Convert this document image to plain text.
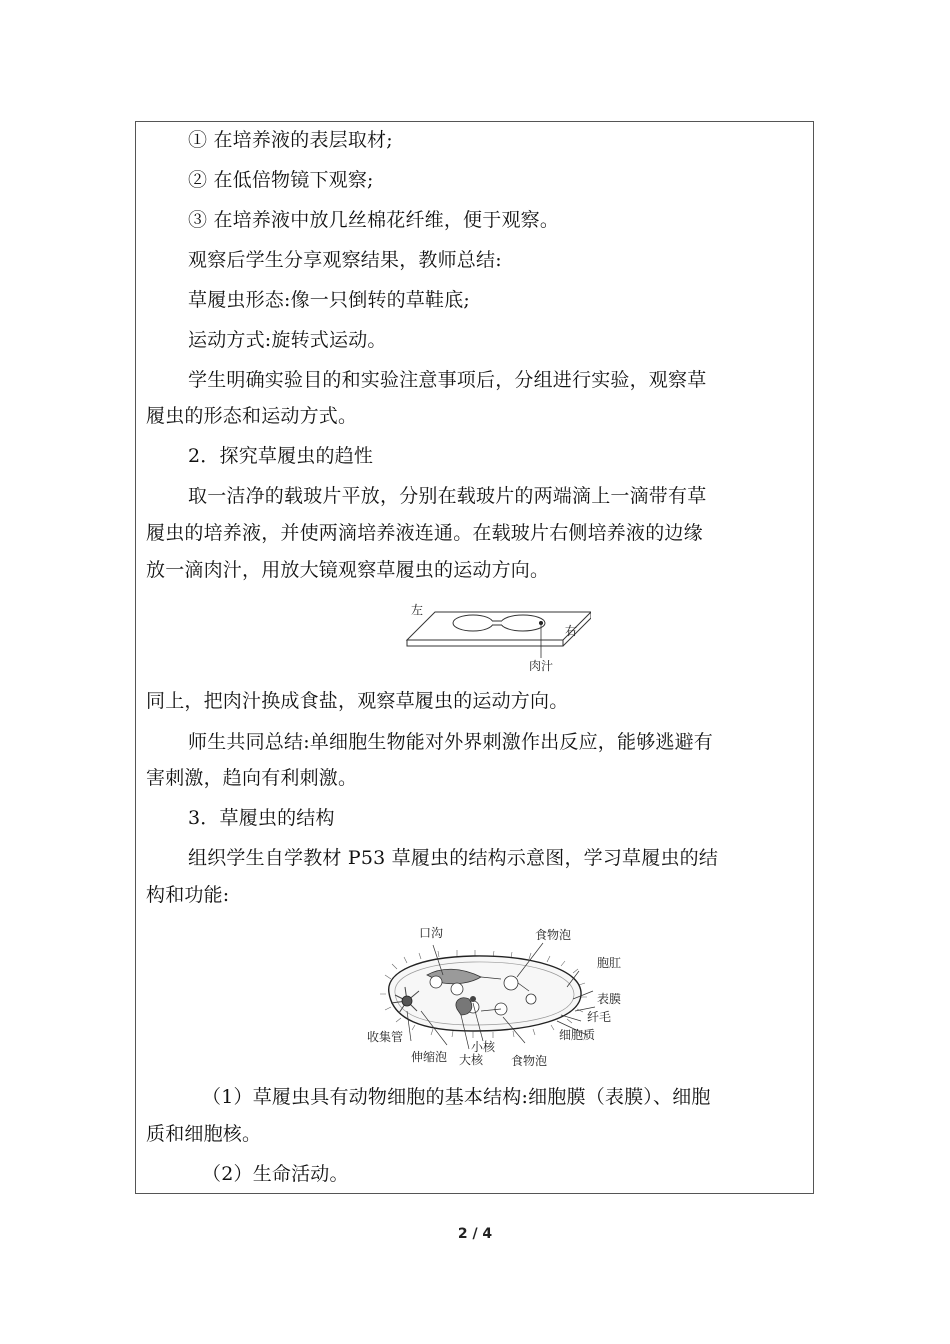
① 在培养液的表层取材;
② 在低倍物镜下观察;
③ 在培养液中放几丝棉花纤维，便于观察。
观察后学生分享观察结果，教师总结:
草履虫形态:像一只倒转的草鞋底;
运动方式:旋转式运动。
学生明确实验目的和实验注意事项后，分组进行实验，观察草
履虫的形态和运动方式。
2．探究草履虫的趋性
取一洁净的载玻片平放，分别在载玻片的两端滴上一滴带有草
履虫的培养液，并使两滴培养液连通。在载玻片右侧培养液的边缘
放一滴肉汁，用放大镜观察草履虫的运动方向。
左
右
肉汁
同上，把肉汁换成食盐，观察草履虫的运动方向。
师生共同总结:单细胞生物能对外界刺激作出反应，能够逃避有
害刺激，趋向有利刺激。
3．草履虫的结构
组织学生自学教材 P53 草履虫的结构示意图，学习草履虫的结
构和功能:
口沟	食物泡
胞肛
表膜
纤毛
细胞质
收集管
小核
伸缩泡 大核 食物泡
（1）草履虫具有动物细胞的基本结构:细胞膜（表膜）、细胞
质和细胞核。
（2）生命活动。
2 / 4
